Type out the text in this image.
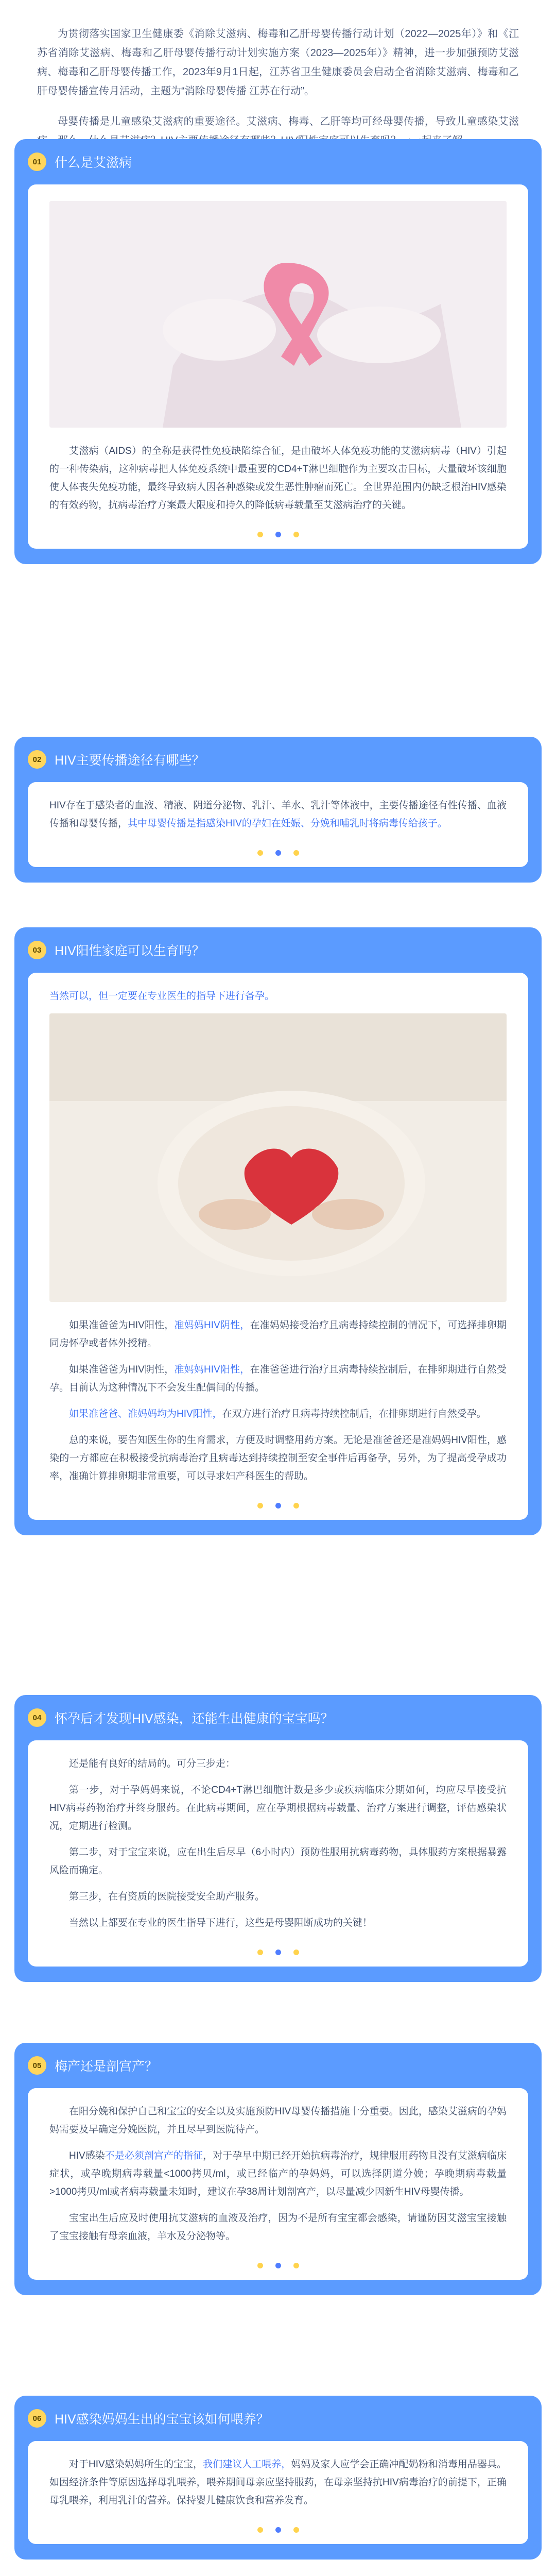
为贯彻落实国家卫生健康委《消除艾滋病、梅毒和乙肝母婴传播行动计划（2022—2025年）》和《江苏省消除艾滋病、梅毒和乙肝母婴传播行动计划实施方案（2023—2025年）》精神，进一步加强预防艾滋病、梅毒和乙肝母婴传播工作，2023年9月1日起，江苏省卫生健康委员会启动全省消除艾滋病、梅毒和乙肝母婴传播宣传月活动，主题为“消除母婴传播 江苏在行动”。

母婴传播是儿童感染艾滋病的重要途径。艾滋病、梅毒、乙肝等均可经母婴传播，导致儿童感染艾滋

01	什么是艾滋病

艾滋病（AIDS）的全称是获得性免疫缺陷综合征，是由破坏人体免疫功能的艾滋病病毒（HIV）引起的一种传染病，这种病毒把人体免疫系统中最重要的CD4+T淋巴细胞作为主要攻击目标，大量破坏该细胞使人体丧失免疫功能，最终导致病人因各种感染或发生恶性肿瘤而死亡。全世界范围内仍缺乏根治HIV感染的有效药物，抗病毒治疗方案最大限度和持久的降低病毒载量至艾滋病治疗的关键。

02	HIV主要传播途径有哪些？

HIV存在于感染者的血液、精液、阴道分泌物、乳汁、羊水、乳汁等体液中，主要传播途径有性传播、血液传播和母婴传播，其中母婴传播是指感染HIV的孕妇在妊娠、分娩和哺乳时将病毒传给孩子。

03	HIV阳性家庭可以生育吗？

当然可以，但一定要在专业医生的指导下进行备孕。

如果准爸爸为HIV阳性，准妈妈HIV阴性，在准妈妈接受治疗且病毒持续控制的情况下，可选择排卵期同房怀孕或者体外授精。

如果准爸爸为HIV阴性，准妈妈HIV阳性，在准爸爸进行治疗且病毒持续控制后，在排卵期进行自然受孕。目前认为这种情况下不会发生配偶间的传播。

如果准爸爸、准妈妈均为HIV阳性，在双方进行治疗且病毒持续控制后，在排卵期进行自然受孕。

总的来说，要告知医生你的生育需求，方便及时调整用药方案。无论是准爸爸还是准妈妈HIV阳性，感染的一方都应在积极接受抗病毒治疗且病毒达到持续控制至安全事件后再备孕，另外，为了提高受孕成功率，准确计算排卵期非常重要，可以寻求妇产科医生的帮助。

04	怀孕后才发现HIV感染，还能生出健康的宝宝吗？

还是能有良好的结局的。可分三步走：

第一步，对于孕妈妈来说，不论CD4+T淋巴细胞计数是多少或疾病临床分期如何，均应尽早接受抗HIV病毒药物治疗并终身服药。在此病毒期间，应在孕期根据病毒载量、治疗方案进行调整，评估感染状况，定期进行检测。

第二步，对于宝宝来说，应在出生后尽早（6小时内）预防性服用抗病毒药物，具体服药方案根据暴露风险而确定。

第三步，在有资质的医院接受安全助产服务。

当然以上都要在专业的医生指导下进行，这些是母婴阻断成功的关键！

05	梅产还是剖宫产？

在阳分娩和保护自己和宝宝的安全以及实施预防HIV母婴传播措施十分重要。因此，感染艾滋病的孕妈妈需要及早确定分娩医院，并且尽早到医院待产。

HIV感染不是必须剖宫产的指征，对于孕早中期已经开始抗病毒治疗，规律服用药物且没有艾滋病临床症状，或孕晚期病毒载量<1000拷贝/ml，或已经临产的孕妈妈，可以选择阴道分娩；孕晚期病毒载量>1000拷贝/ml或者病毒载量未知时，建议在孕38周计划剖宫产，以尽量减少因新生HIV母婴传播。

宝宝出生后应及时使用抗艾滋病的血液及治疗，因为不是所有宝宝都会感染，请谨防因艾滋宝宝接触了宝宝接触有母亲血液，羊水及分泌物等。

06	HIV感染妈妈生出的宝宝该如何喂养？

对于HIV感染妈妈所生的宝宝，我们建议人工喂养，妈妈及家人应学会正确冲配奶粉和消毒用品器具。如因经济条件等原因选择母乳喂养，喂养期间母亲应坚持服药，在母亲坚持抗HIV病毒治疗的前提下，正确母乳喂养，利用乳汁的营养。保持婴儿健康饮食和营养发育。
